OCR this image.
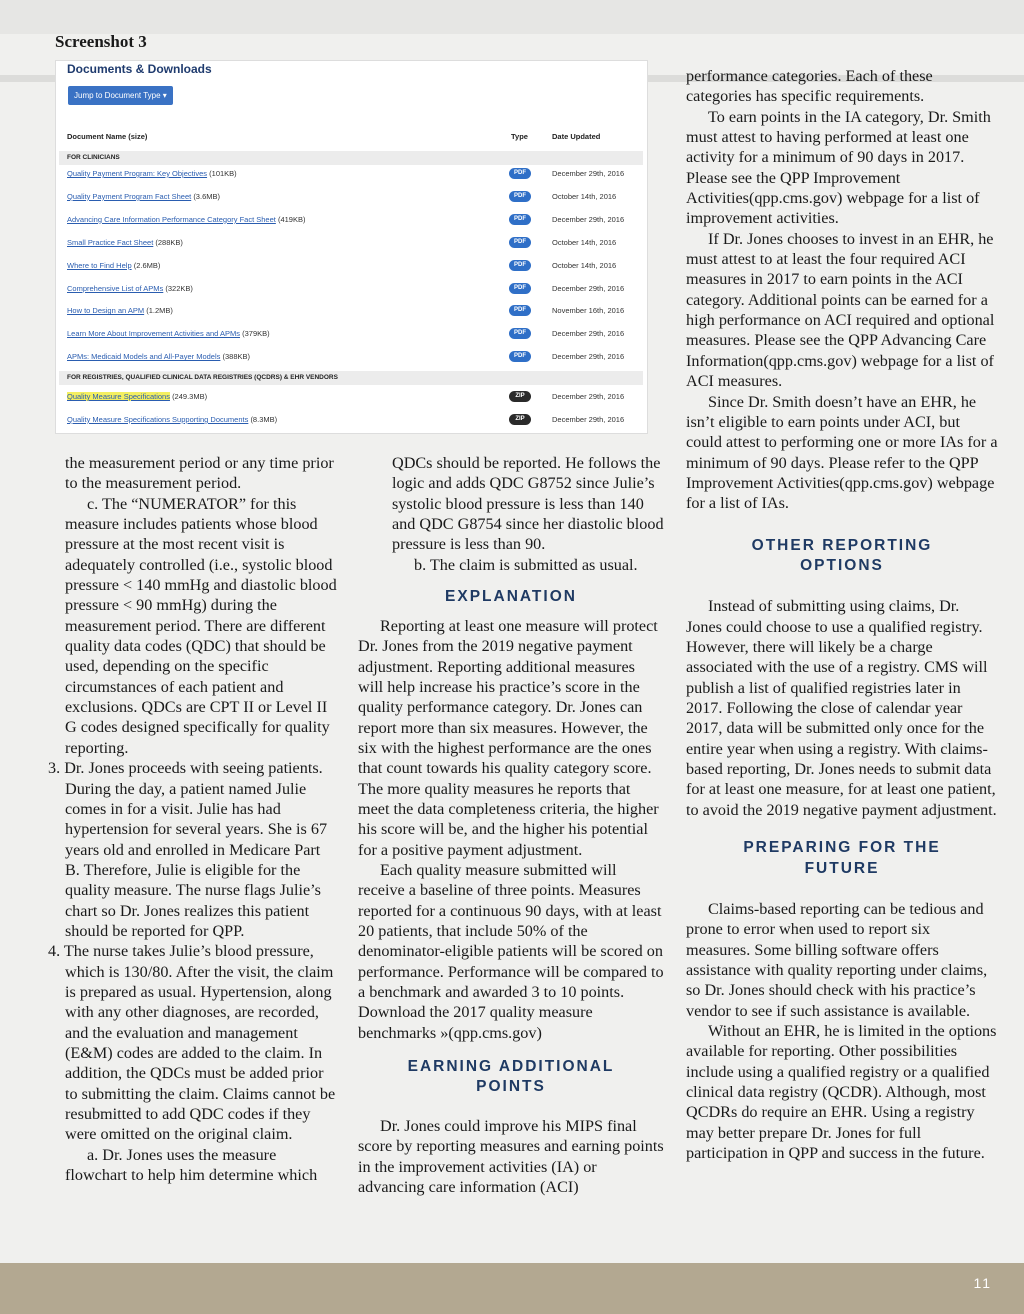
Screenshot 3
Documents & Downloads
Jump to Document Type ▾
Document Name (size)	Type	Date Updated
FOR CLINICIANS
Quality Payment Program: Key Objectives (101KB)	PDF	December 29th, 2016
Quality Payment Program Fact Sheet (3.6MB)	PDF	October 14th, 2016
Advancing Care Information Performance Category Fact Sheet (419KB)	PDF	December 29th, 2016
Small Practice Fact Sheet (288KB)	PDF	October 14th, 2016
Where to Find Help (2.6MB)	PDF	October 14th, 2016
Comprehensive List of APMs (322KB)	PDF	December 29th, 2016
How to Design an APM (1.2MB)	PDF	November 16th, 2016
Learn More About Improvement Activities and APMs (379KB)	PDF	December 29th, 2016
APMs: Medicaid Models and All-Payer Models (388KB)	PDF	December 29th, 2016
FOR REGISTRIES, QUALIFIED CLINICAL DATA REGISTRIES (QCDRS) & EHR VENDORS
Quality Measure Specifications (249.3MB)	ZIP	December 29th, 2016
Quality Measure Specifications Supporting Documents (8.3MB)	ZIP	December 29th, 2016

the measurement period or any time prior to the measurement period.

c. The “NUMERATOR” for this measure includes patients whose blood pressure at the most recent visit is adequately controlled (i.e., systolic blood pressure < 140 mmHg and diastolic blood pressure < 90 mmHg) during the measurement period. There are different quality data codes (QDC) that should be used, depending on the specific circumstances of each patient and exclusions. QDCs are CPT II or Level II G codes designed specifically for quality reporting.

3. Dr. Jones proceeds with seeing patients. During the day, a patient named Julie comes in for a visit. Julie has had hypertension for several years. She is 67 years old and enrolled in Medicare Part B. Therefore, Julie is eligible for the quality measure. The nurse flags Julie’s chart so Dr. Jones realizes this patient should be reported for QPP.

4. The nurse takes Julie’s blood pressure, which is 130/80. After the visit, the claim is prepared as usual. Hypertension, along with any other diagnoses, are recorded, and the evaluation and management (E&M) codes are added to the claim. In addition, the QDCs must be added prior to submitting the claim. Claims cannot be resubmitted to add QDC codes if they were omitted on the original claim.

a. Dr. Jones uses the measure flowchart to help him determine which

QDCs should be reported. He follows the logic and adds QDC G8752 since Julie’s systolic blood pressure is less than 140 and QDC G8754 since her diastolic blood pressure is less than 90.

b. The claim is submitted as usual.

EXPLANATION

Reporting at least one measure will protect Dr. Jones from the 2019 negative payment adjustment. Reporting additional measures will help increase his practice’s score in the quality performance category. Dr. Jones can report more than six measures. However, the six with the highest performance are the ones that count towards his quality category score. The more quality measures he reports that meet the data completeness criteria, the higher his score will be, and the higher his potential for a positive payment adjustment.

Each quality measure submitted will receive a baseline of three points. Measures reported for a continuous 90 days, with at least 20 patients, that include 50% of the denominator-eligible patients will be scored on performance. Performance will be compared to a benchmark and awarded 3 to 10 points. Download the 2017 quality measure benchmarks »(qpp.cms.gov)

EARNING ADDITIONAL POINTS

Dr. Jones could improve his MIPS final score by reporting measures and earning points in the improvement activities (IA) or advancing care information (ACI)

performance categories. Each of these categories has specific requirements.

To earn points in the IA category, Dr. Smith must attest to having performed at least one activity for a minimum of 90 days in 2017. Please see the QPP Improvement Activities(qpp.cms.gov) webpage for a list of improvement activities.

If Dr. Jones chooses to invest in an EHR, he must attest to at least the four required ACI measures in 2017 to earn points in the ACI category. Additional points can be earned for a high performance on ACI required and optional measures. Please see the QPP Advancing Care Information(qpp.cms.gov) webpage for a list of ACI measures.

Since Dr. Smith doesn’t have an EHR, he isn’t eligible to earn points under ACI, but could attest to performing one or more IAs for a minimum of 90 days. Please refer to the QPP Improvement Activities(qpp.cms.gov) webpage for a list of IAs.

OTHER REPORTING OPTIONS

Instead of submitting using claims, Dr. Jones could choose to use a qualified registry. However, there will likely be a charge associated with the use of a registry. CMS will publish a list of qualified registries later in 2017. Following the close of calendar year 2017, data will be submitted only once for the entire year when using a registry. With claims-based reporting, Dr. Jones needs to submit data for at least one measure, for at least one patient, to avoid the 2019 negative payment adjustment.

PREPARING FOR THE FUTURE

Claims-based reporting can be tedious and prone to error when used to report six measures. Some billing software offers assistance with quality reporting under claims, so Dr. Jones should check with his practice’s vendor to see if such assistance is available.

Without an EHR, he is limited in the options available for reporting. Other possibilities include using a qualified registry or a qualified clinical data registry (QCDR). Although, most QCDRs do require an EHR. Using a registry may better prepare Dr. Jones for full participation in QPP and success in the future.

11
